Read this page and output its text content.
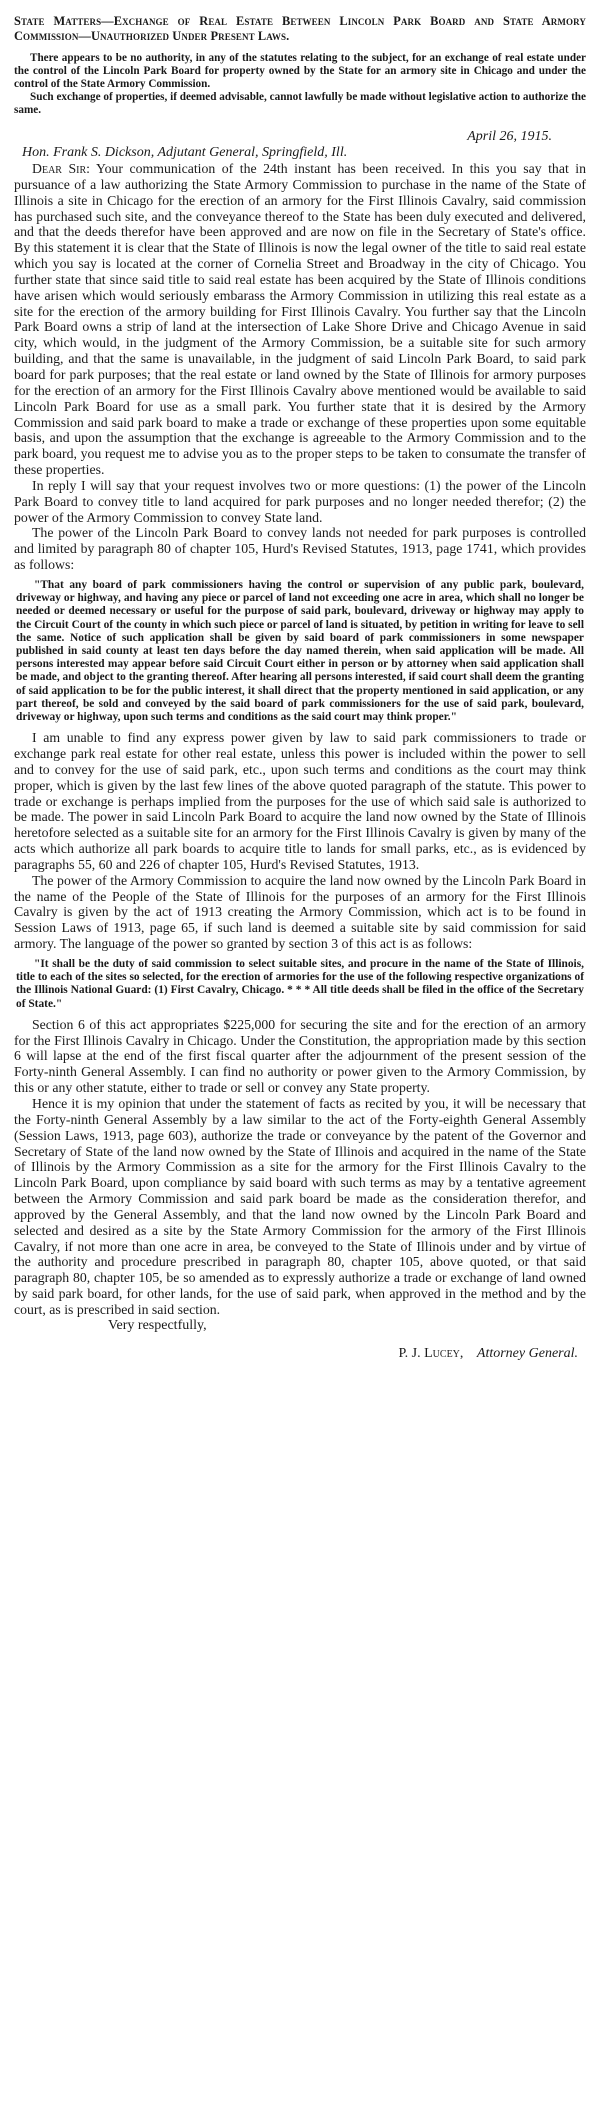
State Matters—Exchange of Real Estate Between Lincoln Park Board and State Armory Commission—Unauthorized Under Present Laws.

There appears to be no authority, in any of the statutes relating to the subject, for an exchange of real estate under the control of the Lincoln Park Board for property owned by the State for an armory site in Chicago and under the control of the State Armory Commission.

Such exchange of properties, if deemed advisable, cannot lawfully be made without legislative action to authorize the same.

April 26, 1915.
Hon. Frank S. Dickson, Adjutant General, Springfield, Ill.

Dear Sir: Your communication of the 24th instant has been received. In this you say that in pursuance of a law authorizing the State Armory Commission to purchase in the name of the State of Illinois a site in Chicago for the erection of an armory for the First Illinois Cavalry, said commission has purchased such site, and the conveyance thereof to the State has been duly executed and delivered, and that the deeds therefor have been approved and are now on file in the Secretary of State's office. By this statement it is clear that the State of Illinois is now the legal owner of the title to said real estate which you say is located at the corner of Cornelia Street and Broadway in the city of Chicago. You further state that since said title to said real estate has been acquired by the State of Illinois conditions have arisen which would seriously embarass the Armory Commission in utilizing this real estate as a site for the erection of the armory building for First Illinois Cavalry. You further say that the Lincoln Park Board owns a strip of land at the intersection of Lake Shore Drive and Chicago Avenue in said city, which would, in the judgment of the Armory Commission, be a suitable site for such armory building, and that the same is unavailable, in the judgment of said Lincoln Park Board, to said park board for park purposes; that the real estate or land owned by the State of Illinois for armory purposes for the erection of an armory for the First Illinois Cavalry above mentioned would be available to said Lincoln Park Board for use as a small park. You further state that it is desired by the Armory Commission and said park board to make a trade or exchange of these properties upon some equitable basis, and upon the assumption that the exchange is agreeable to the Armory Commission and to the park board, you request me to advise you as to the proper steps to be taken to consumate the transfer of these properties.

In reply I will say that your request involves two or more questions: (1) the power of the Lincoln Park Board to convey title to land acquired for park purposes and no longer needed therefor; (2) the power of the Armory Commission to convey State land.

The power of the Lincoln Park Board to convey lands not needed for park purposes is controlled and limited by paragraph 80 of chapter 105, Hurd's Revised Statutes, 1913, page 1741, which provides as follows:

"That any board of park commissioners having the control or supervision of any public park, boulevard, driveway or highway, and having any piece or parcel of land not exceeding one acre in area, which shall no longer be needed or deemed necessary or useful for the purpose of said park, boulevard, driveway or highway may apply to the Circuit Court of the county in which such piece or parcel of land is situated, by petition in writing for leave to sell the same. Notice of such application shall be given by said board of park commissioners in some newspaper published in said county at least ten days before the day named therein, when said application will be made. All persons interested may appear before said Circuit Court either in person or by attorney when said application shall be made, and object to the granting thereof. After hearing all persons interested, if said court shall deem the granting of said application to be for the public interest, it shall direct that the property mentioned in said application, or any part thereof, be sold and conveyed by the said board of park commissioners for the use of said park, boulevard, driveway or highway, upon such terms and conditions as the said court may think proper."

I am unable to find any express power given by law to said park commissioners to trade or exchange park real estate for other real estate, unless this power is included within the power to sell and to convey for the use of said park, etc., upon such terms and conditions as the court may think proper, which is given by the last few lines of the above quoted paragraph of the statute. This power to trade or exchange is perhaps implied from the purposes for the use of which said sale is authorized to be made. The power in said Lincoln Park Board to acquire the land now owned by the State of Illinois heretofore selected as a suitable site for an armory for the First Illinois Cavalry is given by many of the acts which authorize all park boards to acquire title to lands for small parks, etc., as is evidenced by paragraphs 55, 60 and 226 of chapter 105, Hurd's Revised Statutes, 1913.

The power of the Armory Commission to acquire the land now owned by the Lincoln Park Board in the name of the People of the State of Illinois for the purposes of an armory for the First Illinois Cavalry is given by the act of 1913 creating the Armory Commission, which act is to be found in Session Laws of 1913, page 65, if such land is deemed a suitable site by said commission for said armory. The language of the power so granted by section 3 of this act is as follows:

"It shall be the duty of said commission to select suitable sites, and procure in the name of the State of Illinois, title to each of the sites so selected, for the erection of armories for the use of the following respective organizations of the Illinois National Guard: (1) First Cavalry, Chicago. * * * All title deeds shall be filed in the office of the Secretary of State."

Section 6 of this act appropriates $225,000 for securing the site and for the erection of an armory for the First Illinois Cavalry in Chicago. Under the Constitution, the appropriation made by this section 6 will lapse at the end of the first fiscal quarter after the adjournment of the present session of the Forty-ninth General Assembly. I can find no authority or power given to the Armory Commission, by this or any other statute, either to trade or sell or convey any State property.

Hence it is my opinion that under the statement of facts as recited by you, it will be necessary that the Forty-ninth General Assembly by a law similar to the act of the Forty-eighth General Assembly (Session Laws, 1913, page 603), authorize the trade or conveyance by the patent of the Governor and Secretary of State of the land now owned by the State of Illinois and acquired in the name of the State of Illinois by the Armory Commission as a site for the armory for the First Illinois Cavalry to the Lincoln Park Board, upon compliance by said board with such terms as may by a tentative agreement between the Armory Commission and said park board be made as the consideration therefor, and approved by the General Assembly, and that the land now owned by the Lincoln Park Board and selected and desired as a site by the State Armory Commission for the armory of the First Illinois Cavalry, if not more than one acre in area, be conveyed to the State of Illinois under and by virtue of the authority and procedure prescribed in paragraph 80, chapter 105, above quoted, or that said paragraph 80, chapter 105, be so amended as to expressly authorize a trade or exchange of land owned by said park board, for other lands, for the use of said park, when approved in the method and by the court, as is prescribed in said section.

Very respectfully,
P. J. Lucey, Attorney General.
